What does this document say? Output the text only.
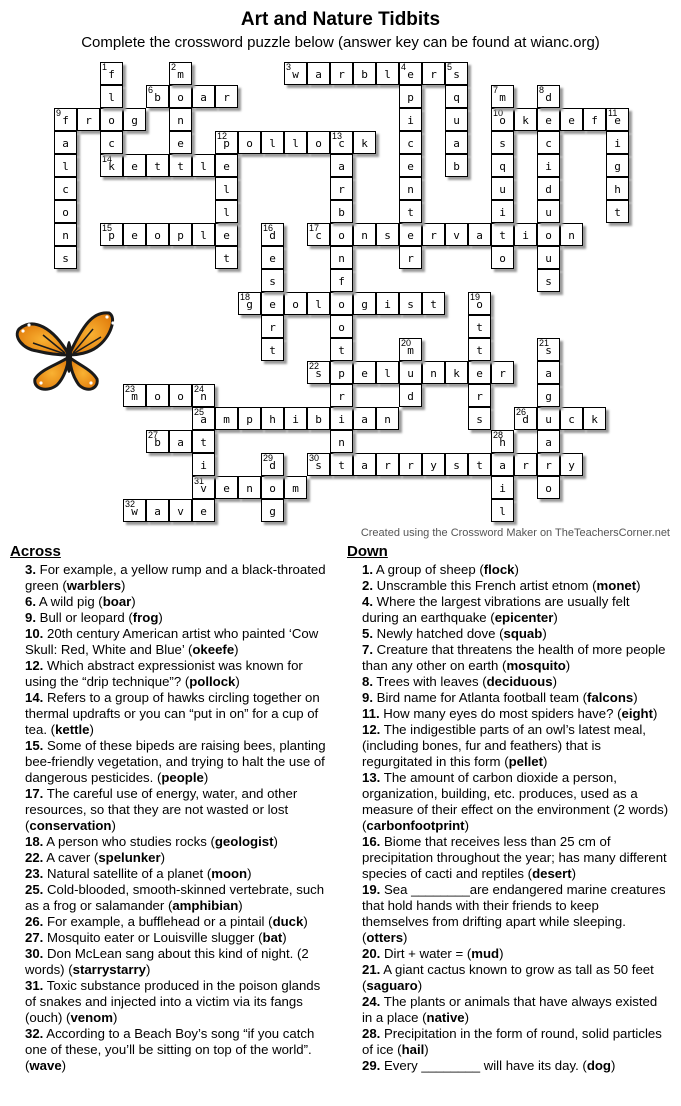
Art and Nature Tidbits
Complete the crossword puzzle below (answer key can be found at wianc.org)
3
w	a	r	b	l
4
e	r
5
s
6
b	o	a	r
9
f	r	o	g
10
o	k	e	e	f
11
e
12
p	o	l	l	o
13
c	k
14
k	e	t	t	l	e
15
p	e	o	p	l	e
17
c	o	n	s	e	r	v	a	t	i	o	n
18
g	e	o	l	o	g	i	s	t
22
s	p	e	l	u	n	k	e	r
23
m	o	o
24
n
25
a	m	p	h	i	b	i	a	n
26
d	u	c	k
27
b	a	t
30
s	t	a	r	r	y	s	t	a	r	r	y
31
v	e	n	o	m
32
w	a	v	e
1
f
l
c
2
m
n
e
p
i
c
e
n
t
r
q
u
a
b
7
m
s
q
u
i
o
8
d
c
i
d
u
u
s
a
l
c
o
n
s
i
g
h
t
l
l
t
a
r
b
n
f
o
t
r
n
16
d
e
s
r
t
19
o
t
t
r
s
20
m
d
21
s
a
g
a
o
i
28
h
i
l
29
d
g
Created using the Crossword Maker on TheTeachersCorner.net
Across
3. For example, a yellow rump and a black-throated green (warblers)
6. A wild pig (boar)
9. Bull or leopard (frog)
10. 20th century American artist who painted ‘Cow Skull: Red, White and Blue’ (okeefe)
12. Which abstract expressionist was known for using the “drip technique”? (pollock)
14. Refers to a group of hawks circling together on thermal updrafts or you can “put in on” for a cup of tea. (kettle)
15. Some of these bipeds are raising bees, planting bee-friendly vegetation, and trying to halt the use of dangerous pesticides. (people)
17. The careful use of energy, water, and other resources, so that they are not wasted or lost (conservation)
18. A person who studies rocks (geologist)
22. A caver (spelunker)
23. Natural satellite of a planet (moon)
25. Cold-blooded, smooth-skinned vertebrate, such as a frog or salamander (amphibian)
26. For example, a bufflehead or a pintail (duck)
27. Mosquito eater or Louisville slugger (bat)
30. Don McLean sang about this kind of night. (2 words) (starrystarry)
31. Toxic substance produced in the poison glands of snakes and injected into a victim via its fangs (ouch) (venom)
32. According to a Beach Boy’s song “if you catch one of these, you’ll be sitting on top of the world”. (wave)
Down
1. A group of sheep (flock)
2. Unscramble this French artist etnom (monet)
4. Where the largest vibrations are usually felt during an earthquake (epicenter)
5. Newly hatched dove (squab)
7. Creature that threatens the health of more people than any other on earth (mosquito)
8. Trees with leaves (deciduous)
9. Bird name for Atlanta football team (falcons)
11. How many eyes do most spiders have? (eight)
12. The indigestible parts of an owl’s latest meal, (including bones, fur and feathers) that is regurgitated in this form (pellet)
13. The amount of carbon dioxide a person, organization, building, etc. produces, used as a measure of their effect on the environment (2 words) (carbonfootprint)
16. Biome that receives less than 25 cm of precipitation throughout the year; has many different species of cacti and reptiles (desert)
19. Sea ________are endangered marine creatures that hold hands with their friends to keep themselves from drifting apart while sleeping. (otters)
20. Dirt + water = (mud)
21. A giant cactus known to grow as tall as 50 feet (saguaro)
24. The plants or animals that have always existed in a place (native)
28. Precipitation in the form of round, solid particles of ice (hail)
29. Every ________ will have its day. (dog)
